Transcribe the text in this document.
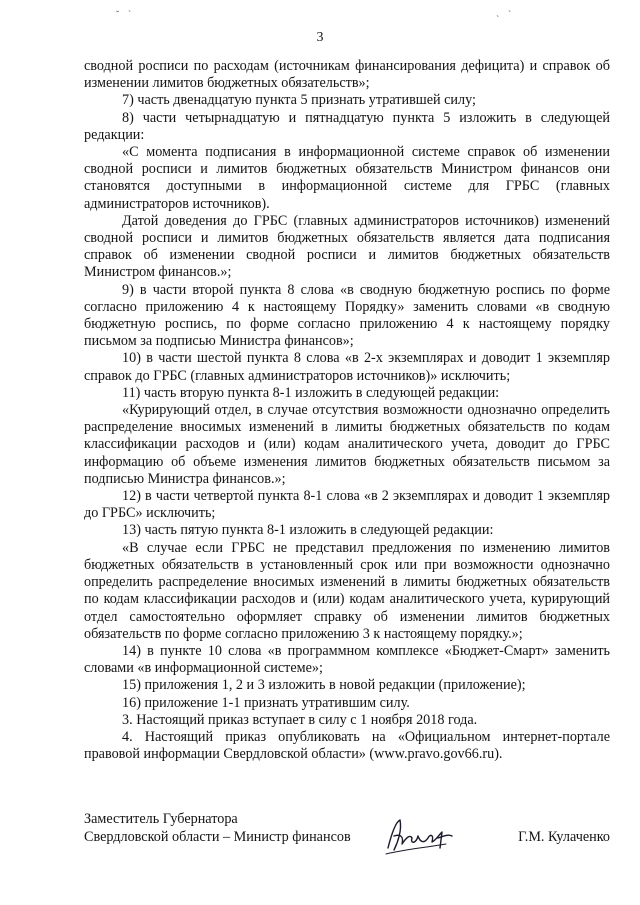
˘ ˋ	˴ ˋ
3

сводной росписи по расходам (источникам финансирования дефицита) и справок об изменении лимитов бюджетных обязательств»;

7) часть двенадцатую пункта 5 признать утратившей силу;

8) части четырнадцатую и пятнадцатую пункта 5 изложить в следующей редакции:

«С момента подписания в информационной системе справок об изменении сводной росписи и лимитов бюджетных обязательств Министром финансов они становятся доступными в информационной системе для ГРБС (главных администраторов источников).

Датой доведения до ГРБС (главных администраторов источников) изменений сводной росписи и лимитов бюджетных обязательств является дата подписания справок об изменении сводной росписи и лимитов бюджетных обязательств Министром финансов.»;

9) в части второй пункта 8 слова «в сводную бюджетную роспись по форме согласно приложению 4 к настоящему Порядку» заменить словами «в сводную бюджетную роспись, по форме согласно приложению 4 к настоящему порядку письмом за подписью Министра финансов»;

10) в части шестой пункта 8 слова «в 2-х экземплярах и доводит 1 экземпляр справок до ГРБС (главных администраторов источников)» исключить;

11) часть вторую пункта 8-1 изложить в следующей редакции:

«Курирующий отдел, в случае отсутствия возможности однозначно определить распределение вносимых изменений в лимиты бюджетных обязательств по кодам классификации расходов и (или) кодам аналитического учета, доводит до ГРБС информацию об объеме изменения лимитов бюджетных обязательств письмом за подписью Министра финансов.»;

12) в части четвертой пункта 8-1 слова «в 2 экземплярах и доводит 1 экземпляр до ГРБС» исключить;

13) часть пятую пункта 8-1 изложить в следующей редакции:

«В случае если ГРБС не представил предложения по изменению лимитов бюджетных обязательств в установленный срок или при возможности однозначно определить распределение вносимых изменений в лимиты бюджетных обязательств по кодам классификации расходов и (или) кодам аналитического учета, курирующий отдел самостоятельно оформляет справку об изменении лимитов бюджетных обязательств по форме согласно приложению 3 к настоящему порядку.»;

14) в пункте 10 слова «в программном комплексе «Бюджет-Смарт» заменить словами «в информационной системе»;

15) приложения 1, 2 и 3 изложить в новой редакции (приложение);

16) приложение 1-1 признать утратившим силу.

3. Настоящий приказ вступает в силу с 1 ноября 2018 года.

4. Настоящий приказ опубликовать на «Официальном интернет-портале правовой информации Свердловской области» (www.pravo.gov66.ru).

Заместитель Губернатора
Свердловской области – Министр финансов	Г.М. Кулаченко
